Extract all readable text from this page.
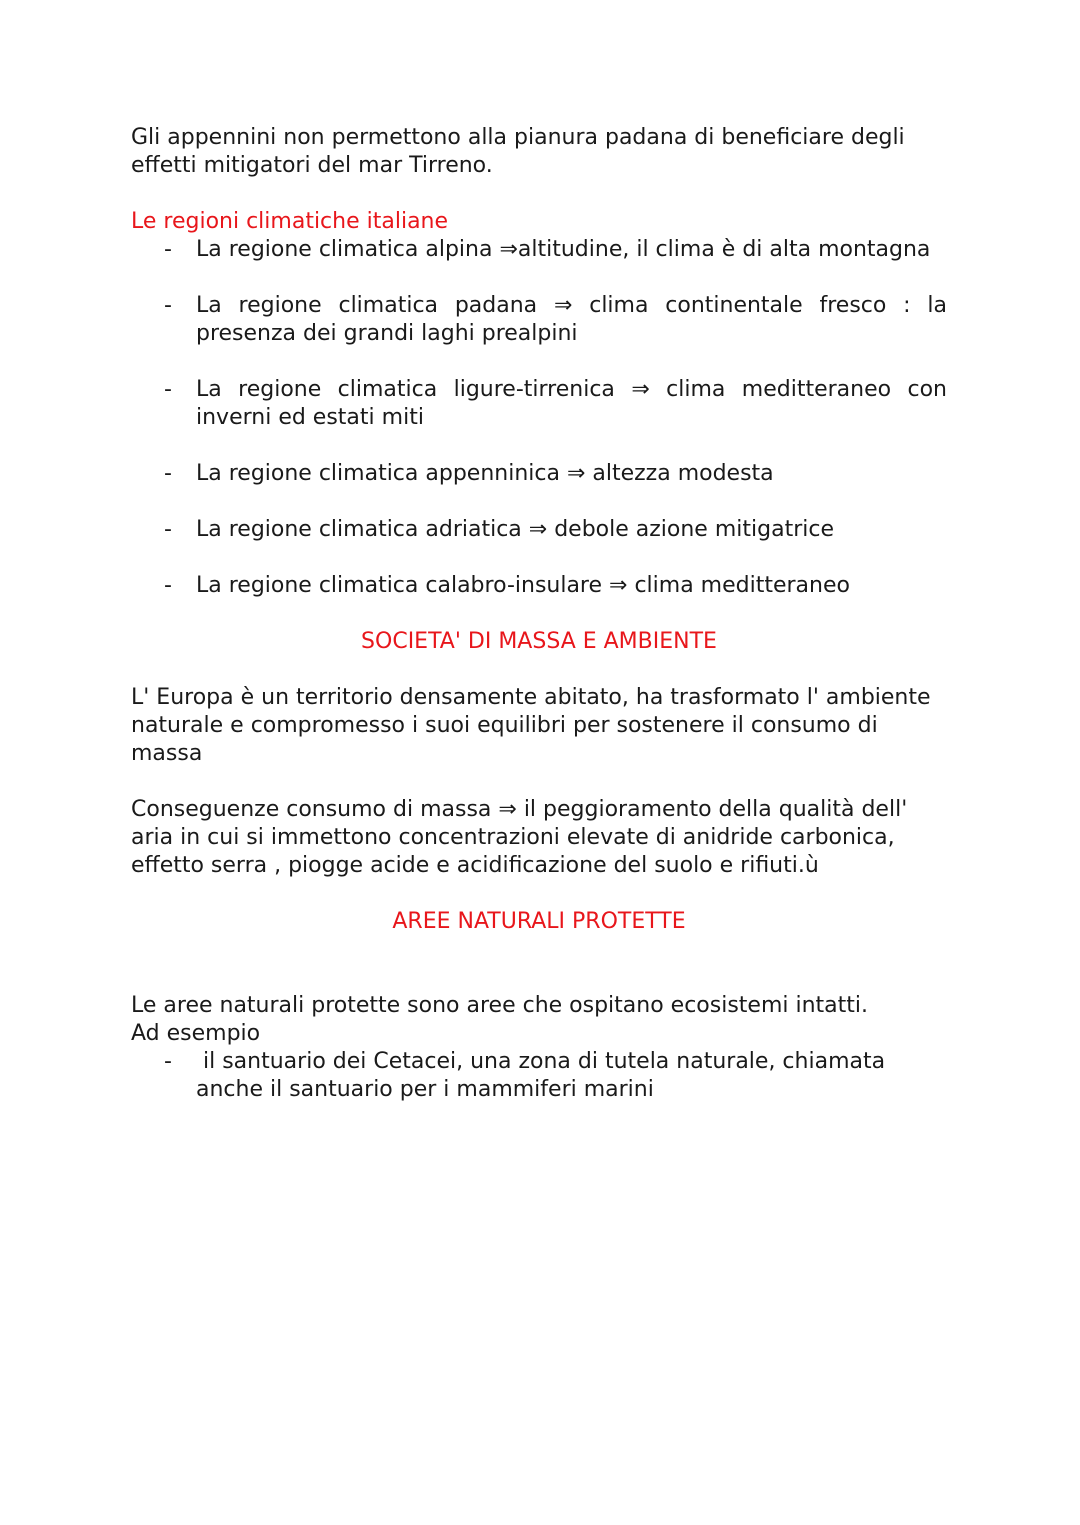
Gli appennini non permettono alla pianura padana di beneficiare degli effetti mitigatori del mar Tirreno.

Le regioni climatiche italiane

- La regione climatica alpina ⇒altitudine, il clima è di alta montagna
- La regione climatica padana ⇒ clima continentale fresco : la presenza dei grandi laghi prealpini
- La regione climatica ligure-tirrenica ⇒ clima meditteraneo con inverni ed estati miti
- La regione climatica appenninica ⇒ altezza modesta
- La regione climatica adriatica ⇒ debole azione mitigatrice
- La regione climatica calabro-insulare ⇒ clima meditteraneo

SOCIETA' DI MASSA E AMBIENTE

L' Europa è un territorio densamente abitato, ha trasformato l' ambiente naturale e compromesso i suoi equilibri per sostenere il consumo di massa

Conseguenze consumo di massa ⇒ il peggioramento della qualità dell' aria in cui si immettono concentrazioni elevate di anidride carbonica, effetto serra , piogge acide e acidificazione del suolo e rifiuti.ù

AREE NATURALI PROTETTE

Le aree naturali protette sono aree che ospitano ecosistemi intatti.

Ad esempio

- il santuario dei Cetacei, una zona di tutela naturale, chiamata anche il santuario per i mammiferi marini
